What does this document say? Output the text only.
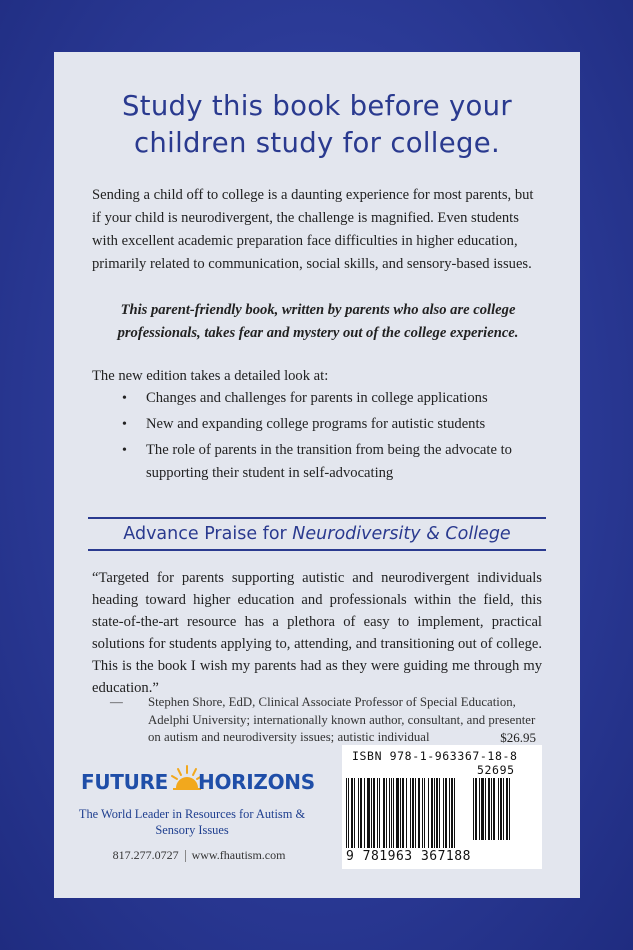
Study this book before your
children study for college.

Sending a child off to college is a daunting experience for most parents, but if your child is neurodivergent, the challenge is magnified. Even students with excellent academic preparation face difficulties in higher education, primarily related to communication, social skills, and sensory-based issues.

This parent-friendly book, written by parents who also are college
professionals, takes fear and mystery out of the college experience.

The new edition takes a detailed look at:

• Changes and challenges for parents in college applications
• New and expanding college programs for autistic students
• The role of parents in the transition from being the advocate to supporting their student in self-advocating
Advance Praise for Neurodiversity & College

“Targeted for parents supporting autistic and neurodivergent individuals heading toward higher education and professionals within the field, this state-of-the-art resource has a plethora of easy to implement, practical solutions for students applying to, attending, and transitioning out of college. This is the book I wish my parents had as they were guiding me through my education.”

—	Stephen Shore, EdD, Clinical Associate Professor of Special Education, Adelphi University; internationally known author, consultant, and presenter on autism and neurodiversity issues; autistic individual	$26.95
FUTURE HORIZONS
The World Leader in Resources for Autism &
Sensory Issues
817.277.0727 www.fhautism.com
ISBN 978-1-963367-18-8
52695
9 781963 367188
